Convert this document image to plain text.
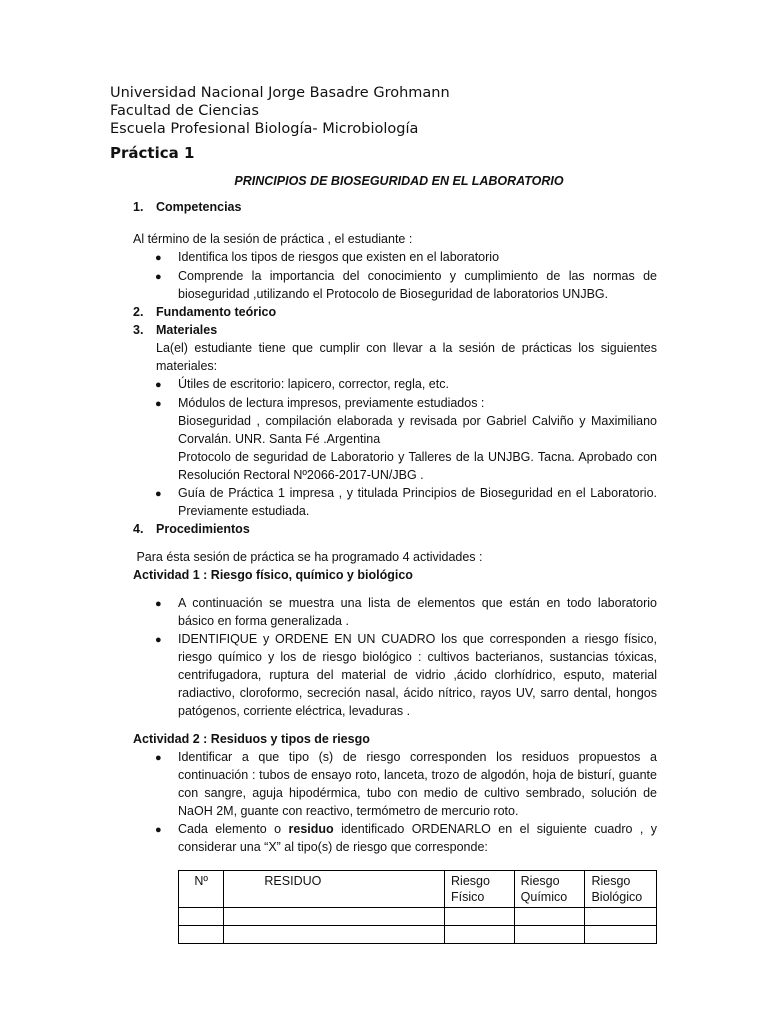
Universidad Nacional Jorge Basadre Grohmann
Facultad de Ciencias
Escuela Profesional Biología- Microbiología
Práctica 1
PRINCIPIOS DE BIOSEGURIDAD EN EL LABORATORIO
1.	Competencias

Al término de la sesión de práctica , el estudiante :

●	Identifica los tipos de riesgos que existen en el laboratorio
●	Comprende la importancia del conocimiento y cumplimiento de las normas de bioseguridad ,utilizando el Protocolo de Bioseguridad de laboratorios UNJBG.
2.	Fundamento teórico
3.	Materiales

La(el) estudiante tiene que cumplir con llevar a la sesión de prácticas los siguientes materiales:

●	Útiles de escritorio: lapicero, corrector, regla, etc.
●	Módulos de lectura impresos, previamente estudiados :
Bioseguridad , compilación elaborada y revisada por Gabriel Calviño y Maximiliano Corvalán. UNR. Santa Fé .Argentina
Protocolo de seguridad de Laboratorio y Talleres de la UNJBG. Tacna. Aprobado con Resolución Rectoral Nº2066-2017-UN/JBG .
●	Guía de Práctica 1 impresa , y titulada Principios de Bioseguridad en el Laboratorio. Previamente estudiada.
4.	Procedimientos

Para ésta sesión de práctica se ha programado 4 actividades :

Actividad 1 : Riesgo físico, químico y biológico

●	A continuación se muestra una lista de elementos que están en todo laboratorio básico en forma generalizada .
●	IDENTIFIQUE y ORDENE EN UN CUADRO los que corresponden a riesgo físico, riesgo químico y los de riesgo biológico : cultivos bacterianos, sustancias tóxicas, centrifugadora, ruptura del material de vidrio ,ácido clorhídrico, esputo, material radiactivo, cloroformo, secreción nasal, ácido nítrico, rayos UV, sarro dental, hongos patógenos, corriente eléctrica, levaduras .

Actividad 2 : Residuos y tipos de riesgo

●	Identificar a que tipo (s) de riesgo corresponden los residuos propuestos a continuación : tubos de ensayo roto, lanceta, trozo de algodón, hoja de bisturí, guante con sangre, aguja hipodérmica, tubo con medio de cultivo sembrado, solución de NaOH 2M, guante con reactivo, termómetro de mercurio roto.
●	Cada elemento o residuo identificado ORDENARLO en el siguiente cuadro , y considerar una “X” al tipo(s) de riesgo que corresponde:
Nº	RESIDUO	Riesgo Físico	Riesgo Químico	Riesgo Biológico
